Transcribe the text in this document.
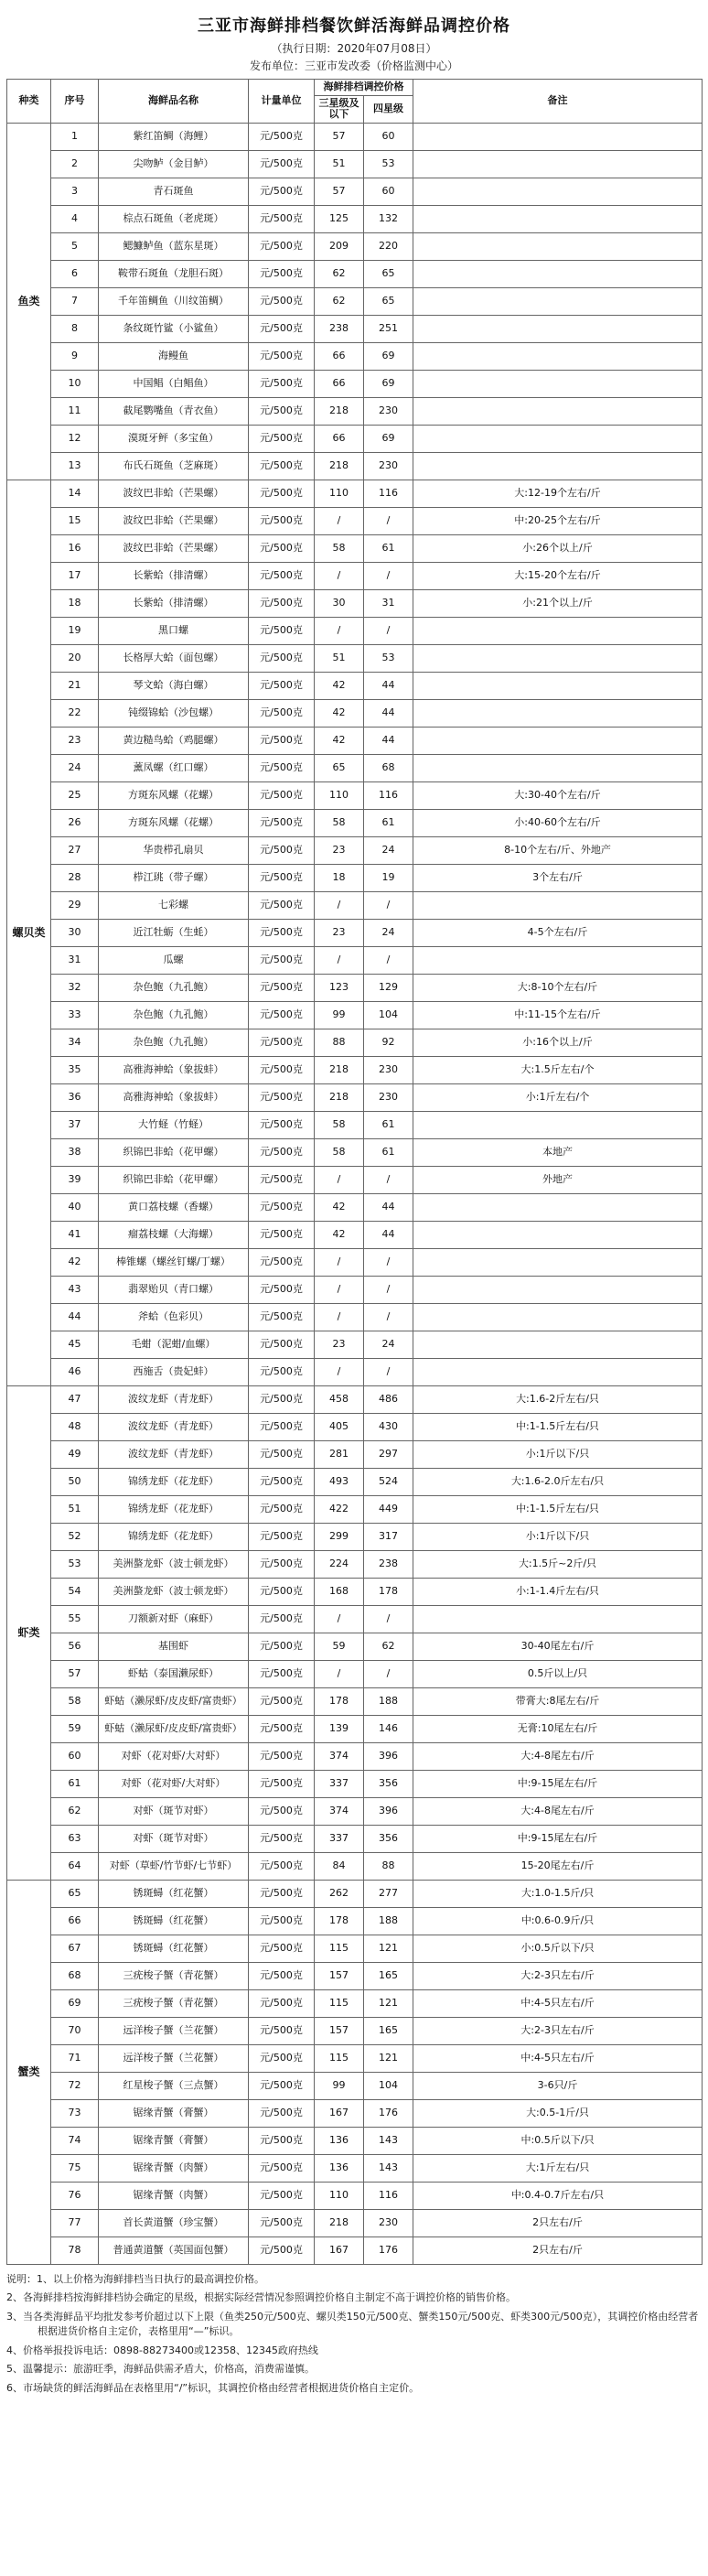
三亚市海鲜排档餐饮鲜活海鲜品调控价格
（执行日期：2020年07月08日）
发布单位：三亚市发改委（价格监测中心）
种类	序号	海鲜品名称	计量单位	海鲜排档调控价格		备注
				三星级及以下	四星级	
鱼类	1	紫红笛鲷（海鲤）	元/500克	57	60	
	2	尖吻鲈（金目鲈）	元/500克	51	53	
	3	青石斑鱼	元/500克	57	60	
	4	棕点石斑鱼（老虎斑）	元/500克	125	132	
	5	鳃鱇鲈鱼（蓝东星斑）	元/500克	209	220	
	6	鞍带石斑鱼（龙胆石斑）	元/500克	62	65	
	7	千年笛鲷鱼（川纹笛鲷）	元/500克	62	65	
	8	条纹斑竹鲨（小鲨鱼）	元/500克	238	251	
	9	海鳗鱼	元/500克	66	69	
	10	中国鲳（白鲳鱼）	元/500克	66	69	
	11	截尾鹦嘴鱼（青衣鱼）	元/500克	218	230	
	12	漠斑牙鲆（多宝鱼）	元/500克	66	69	
	13	布氏石斑鱼（芝麻斑）	元/500克	218	230	
螺贝类	14	波纹巴非蛤（芒果螺）	元/500克	110	116	大:12-19个左右/斤
	15	波纹巴非蛤（芒果螺）	元/500克	/	/	中:20-25个左右/斤
	16	波纹巴非蛤（芒果螺）	元/500克	58	61	小:26个以上/斤
	17	长紫蛤（排清螺）	元/500克	/	/	大:15-20个左右/斤
	18	长紫蛤（排清螺）	元/500克	30	31	小:21个以上/斤
	19	黑口螺	元/500克	/	/	
	20	长格厚大蛤（面包螺）	元/500克	51	53	
	21	琴文蛤（海白螺）	元/500克	42	44	
	22	钝缀锦蛤（沙包螺）	元/500克	42	44	
	23	黄边糙鸟蛤（鸡腿螺）	元/500克	42	44	
	24	薰凤螺（红口螺）	元/500克	65	68	
	25	方斑东风螺（花螺）	元/500克	110	116	大:30-40个左右/斤
	26	方斑东风螺（花螺）	元/500克	58	61	小:40-60个左右/斤
	27	华贵栉孔扇贝	元/500克	23	24	8-10个左右/斤、外地产
	28	栉江珧（带子螺）	元/500克	18	19	3个左右/斤
	29	七彩螺	元/500克	/	/	
	30	近江牡蛎（生蚝）	元/500克	23	24	4-5个左右/斤
	31	瓜螺	元/500克	/	/	
	32	杂色鲍（九孔鲍）	元/500克	123	129	大:8-10个左右/斤
	33	杂色鲍（九孔鲍）	元/500克	99	104	中:11-15个左右/斤
	34	杂色鲍（九孔鲍）	元/500克	88	92	小:16个以上/斤
	35	高雅海神蛤（象拔蚌）	元/500克	218	230	大:1.5斤左右/个
	36	高雅海神蛤（象拔蚌）	元/500克	218	230	小:1斤左右/个
	37	大竹蛏（竹蛏）	元/500克	58	61	
	38	织锦巴非蛤（花甲螺）	元/500克	58	61	本地产
	39	织锦巴非蛤（花甲螺）	元/500克	/	/	外地产
	40	黄口荔枝螺（香螺）	元/500克	42	44	
	41	瘤荔枝螺（大海螺）	元/500克	42	44	
	42	棒锥螺（螺丝钉螺/丁螺）	元/500克	/	/	
	43	翡翠贻贝（青口螺）	元/500克	/	/	
	44	斧蛤（色彩贝）	元/500克	/	/	
	45	毛蚶（泥蚶/血螺）	元/500克	23	24	
	46	西施舌（贵妃蚌）	元/500克	/	/	
虾类	47	波纹龙虾（青龙虾）	元/500克	458	486	大:1.6-2斤左右/只
	48	波纹龙虾（青龙虾）	元/500克	405	430	中:1-1.5斤左右/只
	49	波纹龙虾（青龙虾）	元/500克	281	297	小:1斤以下/只
	50	锦绣龙虾（花龙虾）	元/500克	493	524	大:1.6-2.0斤左右/只
	51	锦绣龙虾（花龙虾）	元/500克	422	449	中:1-1.5斤左右/只
	52	锦绣龙虾（花龙虾）	元/500克	299	317	小:1斤以下/只
	53	美洲螯龙虾（波士顿龙虾）	元/500克	224	238	大:1.5斤~2斤/只
	54	美洲螯龙虾（波士顿龙虾）	元/500克	168	178	小:1-1.4斤左右/只
	55	刀额新对虾（麻虾）	元/500克	/	/	
	56	基围虾	元/500克	59	62	30-40尾左右/斤
	57	虾蛄（泰国濑尿虾）	元/500克	/	/	0.5斤以上/只
	58	虾蛄（濑尿虾/皮皮虾/富贵虾）	元/500克	178	188	带膏大:8尾左右/斤
	59	虾蛄（濑尿虾/皮皮虾/富贵虾）	元/500克	139	146	无膏:10尾左右/斤
	60	对虾（花对虾/大对虾）	元/500克	374	396	大:4-8尾左右/斤
	61	对虾（花对虾/大对虾）	元/500克	337	356	中:9-15尾左右/斤
	62	对虾（斑节对虾）	元/500克	374	396	大:4-8尾左右/斤
	63	对虾（斑节对虾）	元/500克	337	356	中:9-15尾左右/斤
	64	对虾（草虾/竹节虾/七节虾）	元/500克	84	88	15-20尾左右/斤
蟹类	65	锈斑蟳（红花蟹）	元/500克	262	277	大:1.0-1.5斤/只
	66	锈斑蟳（红花蟹）	元/500克	178	188	中:0.6-0.9斤/只
	67	锈斑蟳（红花蟹）	元/500克	115	121	小:0.5斤以下/只
	68	三疣梭子蟹（青花蟹）	元/500克	157	165	大:2-3只左右/斤
	69	三疣梭子蟹（青花蟹）	元/500克	115	121	中:4-5只左右/斤
	70	远洋梭子蟹（兰花蟹）	元/500克	157	165	大:2-3只左右/斤
	71	远洋梭子蟹（兰花蟹）	元/500克	115	121	中:4-5只左右/斤
	72	红星梭子蟹（三点蟹）	元/500克	99	104	3-6只/斤
	73	锯缘青蟹（膏蟹）	元/500克	167	176	大:0.5-1斤/只
	74	锯缘青蟹（膏蟹）	元/500克	136	143	中:0.5斤以下/只
	75	锯缘青蟹（肉蟹）	元/500克	136	143	大:1斤左右/只
	76	锯缘青蟹（肉蟹）	元/500克	110	116	中:0.4-0.7斤左右/只
	77	首长黄道蟹（珍宝蟹）	元/500克	218	230	2只左右/斤
	78	普通黄道蟹（英国面包蟹）	元/500克	167	176	2只左右/斤
说明：1、以上价格为海鲜排档当日执行的最高调控价格。
2、各海鲜排档按海鲜排档协会确定的星级，根据实际经营情况参照调控价格自主制定不高于调控价格的销售价格。
3、当各类海鲜品平均批发参考价超过以下上限（鱼类250元/500克、螺贝类150元/500克、蟹类150元/500克、虾类300元/500克），其调控价格由经营者根据进货价格自主定价，表格里用“—”标识。
4、价格举报投诉电话：0898-88273400或12358、12345政府热线
5、温馨提示：旅游旺季，海鲜品供需矛盾大，价格高，消费需谨慎。
6、市场缺货的鲜活海鲜品在表格里用“/”标识，其调控价格由经营者根据进货价格自主定价。
